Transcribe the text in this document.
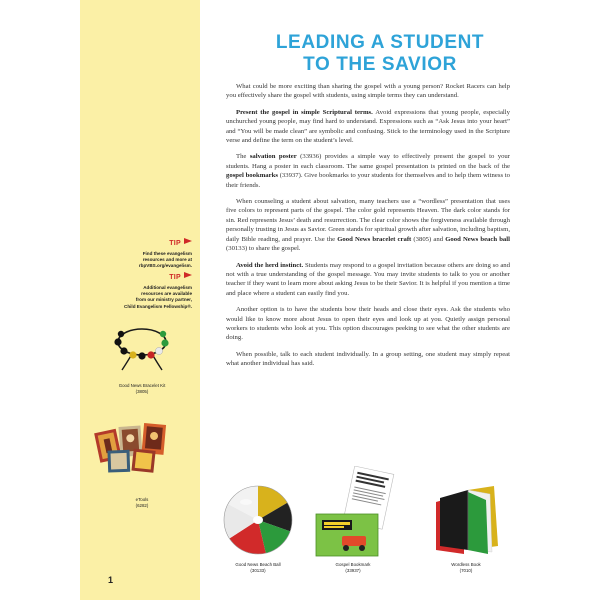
TIP
Find these evangelism
resources and more at
rbpVBS.org/evangelism.
TIP
Additional evangelism
resources are available
from our ministry partner,
Child Evangelism Fellowship®.
Good News Bracelet Kit
(3805)
eTools
(6282)
1
LEADING A STUDENT
TO THE SAVIOR

What could be more exciting than sharing the gospel with a young person? Rocket Racers can help you effectively share the gospel with students, using simple terms they can understand.

Present the gospel in simple Scriptural terms. Avoid expressions that young people, especially unchurched young people, may find hard to understand. Expressions such as “Ask Jesus into your heart” and “You will be made clean” are symbolic and confusing. Stick to the terminology used in the Scripture verse and define the term on the student’s level.

The salvation poster (33936) provides a simple way to effectively present the gospel to your students. Hang a poster in each classroom. The same gospel presentation is printed on the back of the gospel bookmarks (33937). Give bookmarks to your students for themselves and to help them witness to their friends.

When counseling a student about salvation, many teachers use a “wordless” presentation that uses five colors to represent parts of the gospel. The color gold represents Heaven. The dark color stands for sin. Red represents Jesus’ death and resurrection. The clear color shows the forgiveness available through personally trusting in Jesus as Savior. Green stands for spiritual growth after salvation, including baptism, daily Bible reading, and prayer. Use the Good News bracelet craft (3805) and Good News beach ball (30133) to share the gospel.

Avoid the herd instinct. Students may respond to a gospel invitation because others are doing so and not with a true understanding of the gospel message. You may invite students to talk to you or another teacher if they want to learn more about asking Jesus to be their Savior. It is helpful if you mention a time and place where a student can easily find you.

Another option is to have the students bow their heads and close their eyes. Ask the students who would like to know more about Jesus to open their eyes and look up at you. Quietly assign personal workers to students who look at you. This option discourages peeking to see what the other students are doing.

When possible, talk to each student individually. In a group setting, one student may simply repeat what another individual has said.

Good News Beach Ball
(30133)
Gospel Bookmark
(33937)
Wordless Book
(7010)
